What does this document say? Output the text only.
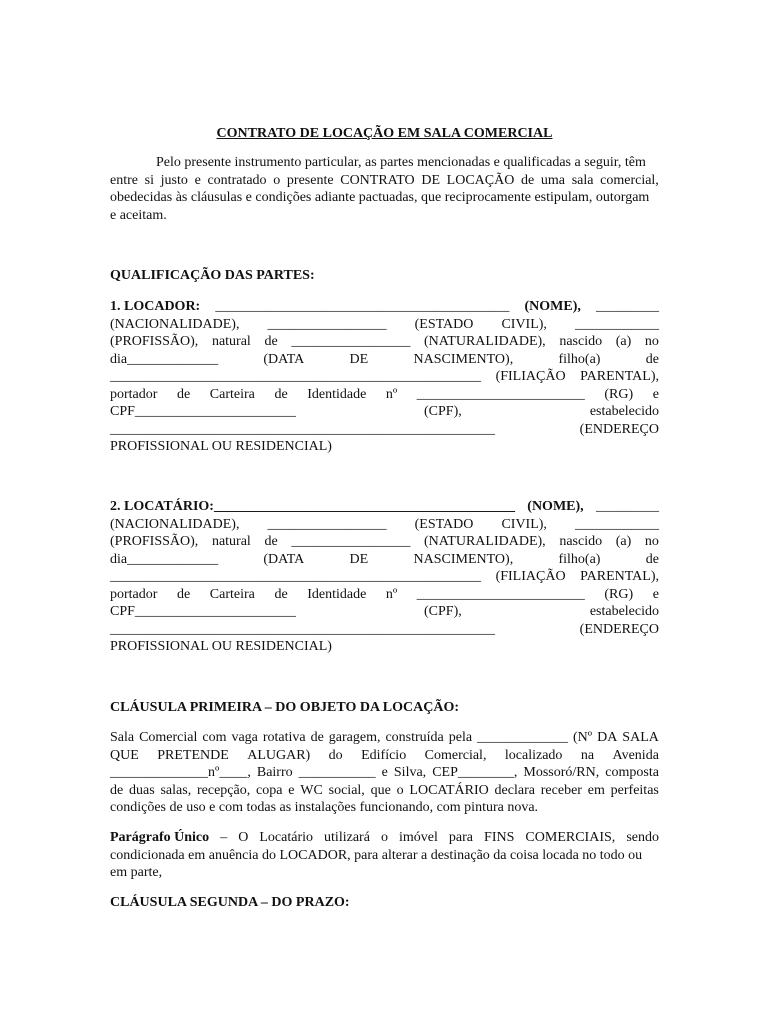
CONTRATO DE LOCAÇÃO EM SALA COMERCIAL
Pelo presente instrumento particular, as partes mencionadas e qualificadas a seguir, têm
entre si justo e contratado o presente CONTRATO DE LOCAÇÃO de uma sala comercial,
obedecidas às cláusulas e condições adiante pactuadas, que reciprocamente estipulam, outorgam
e aceitam.
QUALIFICAÇÃO DAS PARTES:
1. LOCADOR: __________________________________________ (NOME), _________
(NACIONALIDADE), _________________ (ESTADO CIVIL), ____________
(PROFISSÃO), natural de _________________ (NATURALIDADE), nascido (a) no
dia_____________	(DATA	DE	NASCIMENTO),	filho(a)	de
_____________________________________________________ (FILIAÇÃO PARENTAL),
portador de Carteira de Identidade nº ________________________ (RG) e
CPF_______________________	(CPF),	estabelecido
_______________________________________________________	(ENDEREÇO
PROFISSIONAL OU RESIDENCIAL)
2. LOCATÁRIO:___________________________________________ (NOME), _________
(NACIONALIDADE), _________________ (ESTADO CIVIL), ____________
(PROFISSÃO), natural de _________________ (NATURALIDADE), nascido (a) no
dia_____________	(DATA	DE	NASCIMENTO),	filho(a)	de
_____________________________________________________ (FILIAÇÃO PARENTAL),
portador de Carteira de Identidade nº ________________________ (RG) e
CPF_______________________	(CPF),	estabelecido
_______________________________________________________	(ENDEREÇO
PROFISSIONAL OU RESIDENCIAL)
CLÁUSULA PRIMEIRA – DO OBJETO DA LOCAÇÃO:
Sala Comercial com vaga rotativa de garagem, construída pela _____________ (Nº DA SALA
QUE PRETENDE ALUGAR) do Edifício Comercial, localizado na Avenida
______________nº____, Bairro ___________ e Silva, CEP________, Mossoró/RN, composta
de duas salas, recepção, copa e WC social, que o LOCATÁRIO declara receber em perfeitas
condições de uso e com todas as instalações funcionando, com pintura nova.
Parágrafo Único – O Locatário utilizará o imóvel para FINS COMERCIAIS, sendo
condicionada em anuência do LOCADOR, para alterar a destinação da coisa locada no todo ou
em parte,
CLÁUSULA SEGUNDA – DO PRAZO:
